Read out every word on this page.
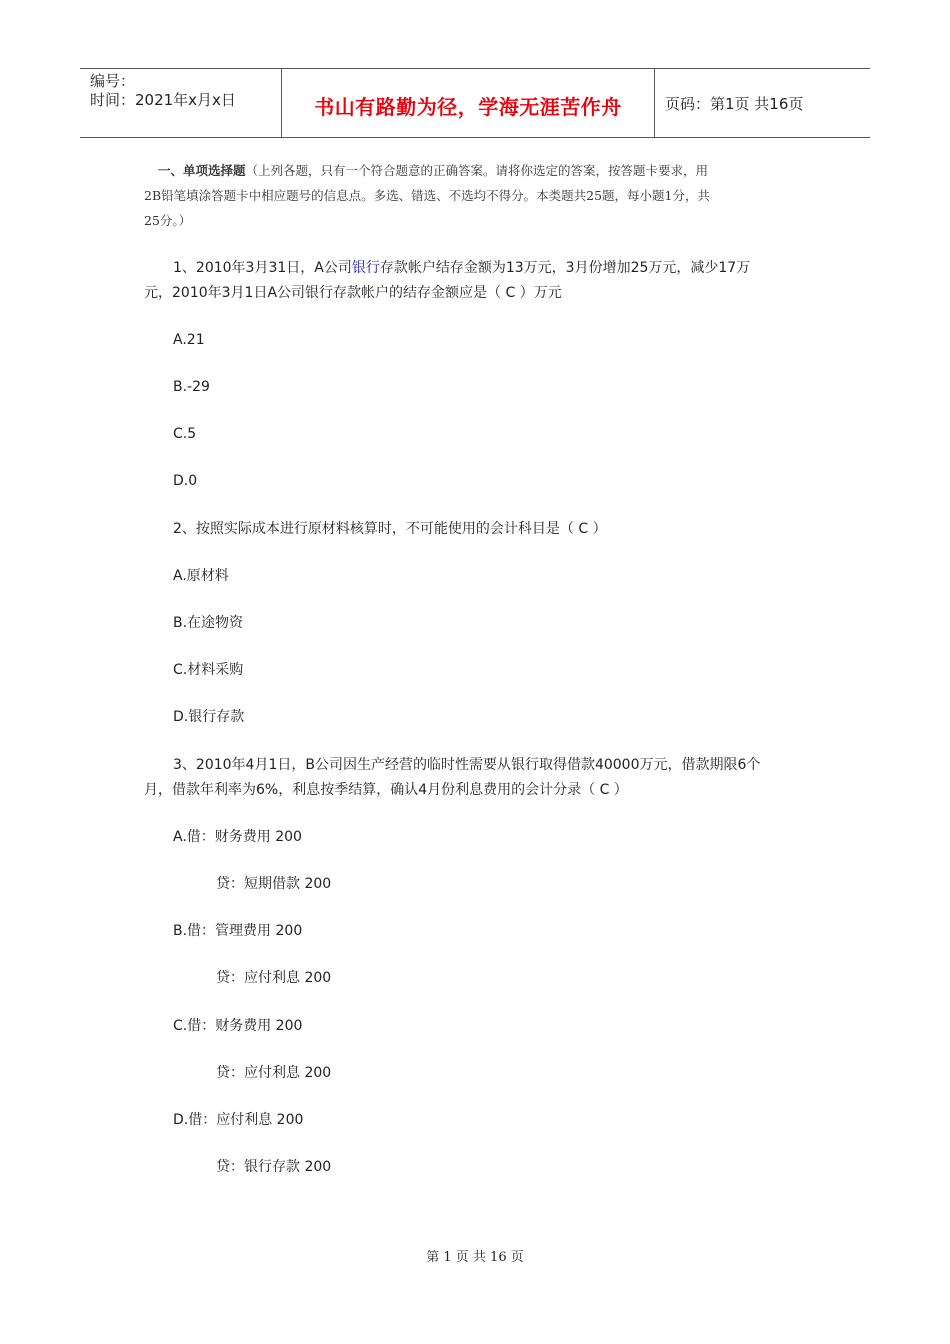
编号：
时间：2021年x月x日	书山有路勤为径，学海无涯苦作舟	页码：第1页 共16页
一、单项选择题（上列各题，只有一个符合题意的正确答案。请将你选定的答案，按答题卡要求，用
2B铅笔填涂答题卡中相应题号的信息点。多选、错选、不选均不得分。本类题共25题，每小题1分，共
25分。）
1、2010年3月31日，A公司银行存款帐户结存金额为13万元，3月份增加25万元，减少17万
元，2010年3月1日A公司银行存款帐户的结存金额应是（ C ）万元
A.21
B.-29
C.5
D.0
2、按照实际成本进行原材料核算时，不可能使用的会计科目是（ C ）
A.原材料
B.在途物资
C.材料采购
D.银行存款
3、2010年4月1日，B公司因生产经营的临时性需要从银行取得借款40000万元，借款期限6个
月，借款年利率为6%，利息按季结算，确认4月份利息费用的会计分录（ C ）
A.借：财务费用 200
贷：短期借款 200
B.借：管理费用 200
贷：应付利息 200
C.借：财务费用 200
贷：应付利息 200
D.借：应付利息 200
贷：银行存款 200
第 1 页 共 16 页
